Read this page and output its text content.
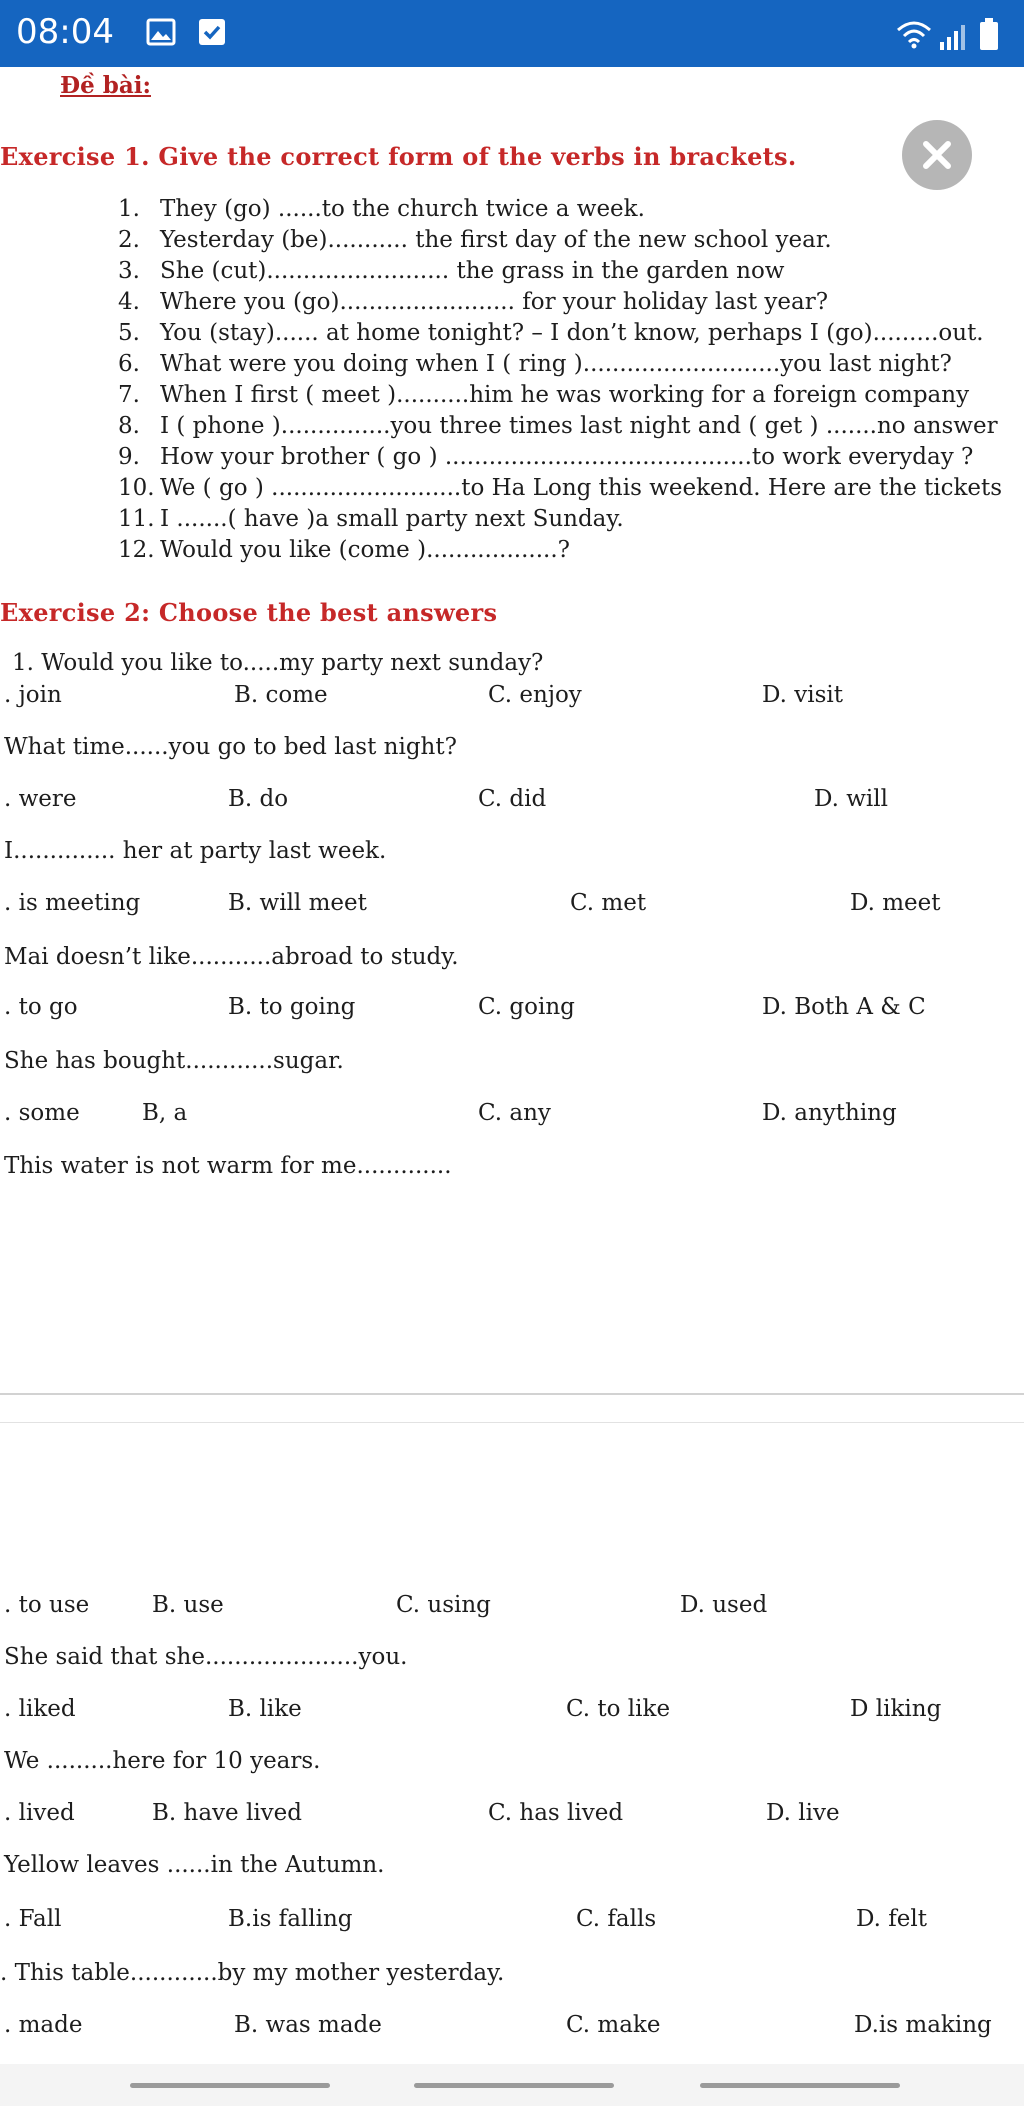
08:04
Đề bài:
Exercise 1. Give the correct form of the verbs in brackets.
1. They (go) ......to the church twice a week.
2. Yesterday (be)........... the first day of the new school year.
3. She (cut)......................... the grass in the garden now
4. Where you (go)........................ for your holiday last year?
5. You (stay)...... at home tonight? – I don’t know, perhaps I (go).........out.
6. What were you doing when I ( ring )...........................you last night?
7. When I first ( meet )..........him he was working for a foreign company
8. I ( phone )...............you three times last night and ( get ) .......no answer
9. How your brother ( go ) ..........................................to work everyday ?
10. We ( go ) ..........................to Ha Long this weekend. Here are the tickets
11. I .......( have )a small party next Sunday.
12. Would you like (come )..................?
Exercise 2: Choose the best answers
1. Would you like to.....my party next sunday?
. join	B. come	C. enjoy	D. visit
What time......you go to bed last night?
. were	B. do	C. did	D. will
I.............. her at party last week.
. is meeting	B. will meet	C. met	D. meet
Mai doesn’t like...........abroad to study.
. to go	B. to going	C. going	D. Both A & C
She has bought............sugar.
. some	B, a	C. any	D. anything
This water is not warm for me.............
. to use	B. use	C. using	D. used
She said that she.....................you.
. liked	B. like	C. to like	D liking
We .........here for 10 years.
. lived	B. have lived	C. has lived	D. live
Yellow leaves ......in the Autumn.
. Fall	B.is falling	C. falls	D. felt
. This table............by my mother yesterday.
. made	B. was made	C. make	D.is making
